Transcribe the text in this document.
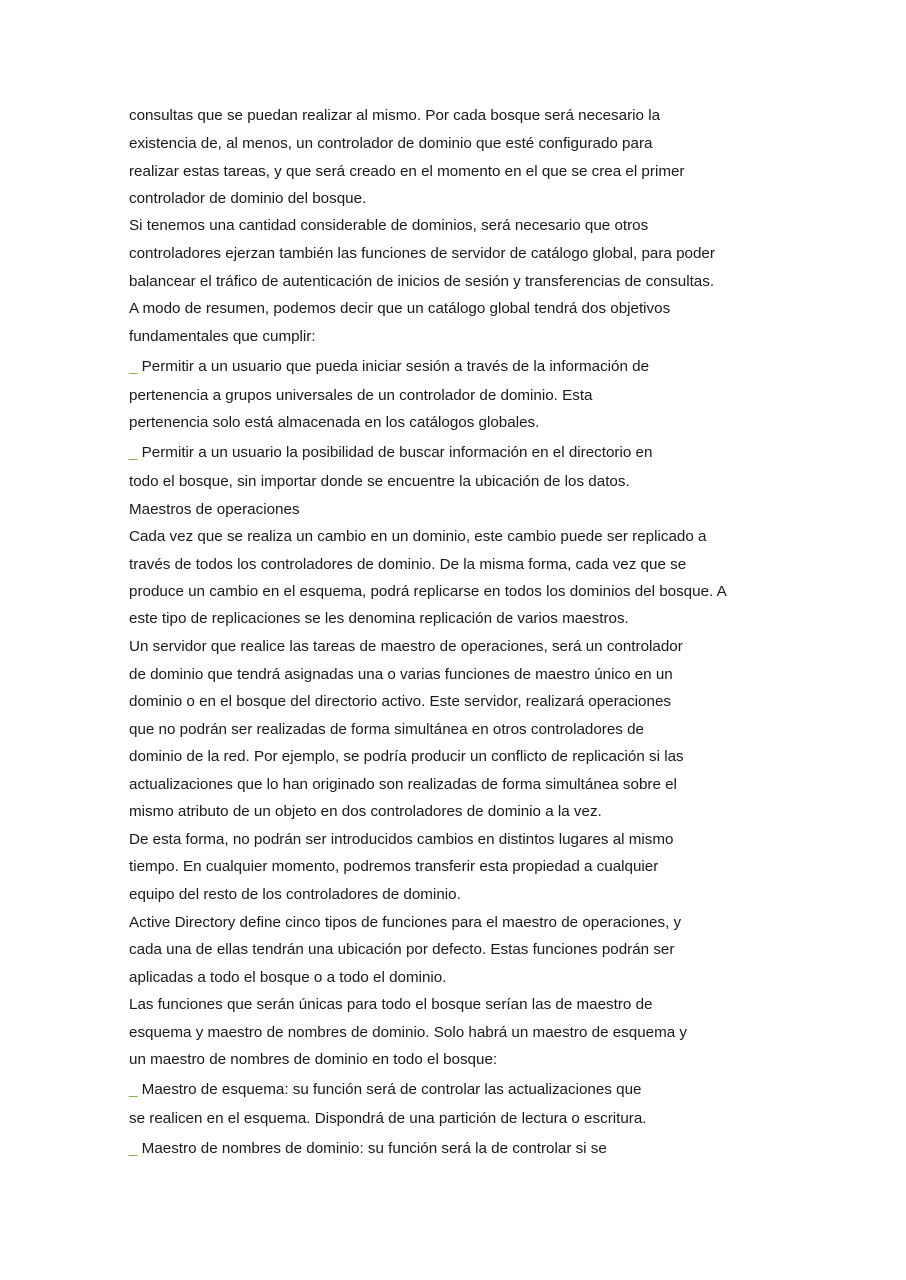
consultas que se puedan realizar al mismo. Por cada bosque será necesario la
existencia de, al menos, un controlador de dominio que esté configurado para
realizar estas tareas, y que será creado en el momento en el que se crea el primer
controlador de dominio del bosque.
Si tenemos una cantidad considerable de dominios, será necesario que otros
controladores ejerzan también las funciones de servidor de catálogo global, para poder
balancear el tráfico de autenticación de inicios de sesión y transferencias de consultas.
A modo de resumen, podemos decir que un catálogo global tendrá dos objetivos
fundamentales que cumplir:
_ Permitir a un usuario que pueda iniciar sesión a través de la información de
pertenencia a grupos universales de un controlador de dominio. Esta
pertenencia solo está almacenada en los catálogos globales.
_ Permitir a un usuario la posibilidad de buscar información en el directorio en
todo el bosque, sin importar donde se encuentre la ubicación de los datos.
Maestros de operaciones
Cada vez que se realiza un cambio en un dominio, este cambio puede ser replicado a
través de todos los controladores de dominio. De la misma forma, cada vez que se
produce un cambio en el esquema, podrá replicarse en todos los dominios del bosque. A
este tipo de replicaciones se les denomina replicación de varios maestros.
Un servidor que realice las tareas de maestro de operaciones, será un controlador
de dominio que tendrá asignadas una o varias funciones de maestro único en un
dominio o en el bosque del directorio activo. Este servidor, realizará operaciones
que no podrán ser realizadas de forma simultánea en otros controladores de
dominio de la red. Por ejemplo, se podría producir un conflicto de replicación si las
actualizaciones que lo han originado son realizadas de forma simultánea sobre el
mismo atributo de un objeto en dos controladores de dominio a la vez.
De esta forma, no podrán ser introducidos cambios en distintos lugares al mismo
tiempo. En cualquier momento, podremos transferir esta propiedad a cualquier
equipo del resto de los controladores de dominio.
Active Directory define cinco tipos de funciones para el maestro de operaciones, y
cada una de ellas tendrán una ubicación por defecto. Estas funciones podrán ser
aplicadas a todo el bosque o a todo el dominio.
Las funciones que serán únicas para todo el bosque serían las de maestro de
esquema y maestro de nombres de dominio. Solo habrá un maestro de esquema y
un maestro de nombres de dominio en todo el bosque:
_ Maestro de esquema: su función será de controlar las actualizaciones que
se realicen en el esquema. Dispondrá de una partición de lectura o escritura.
_ Maestro de nombres de dominio: su función será la de controlar si se
